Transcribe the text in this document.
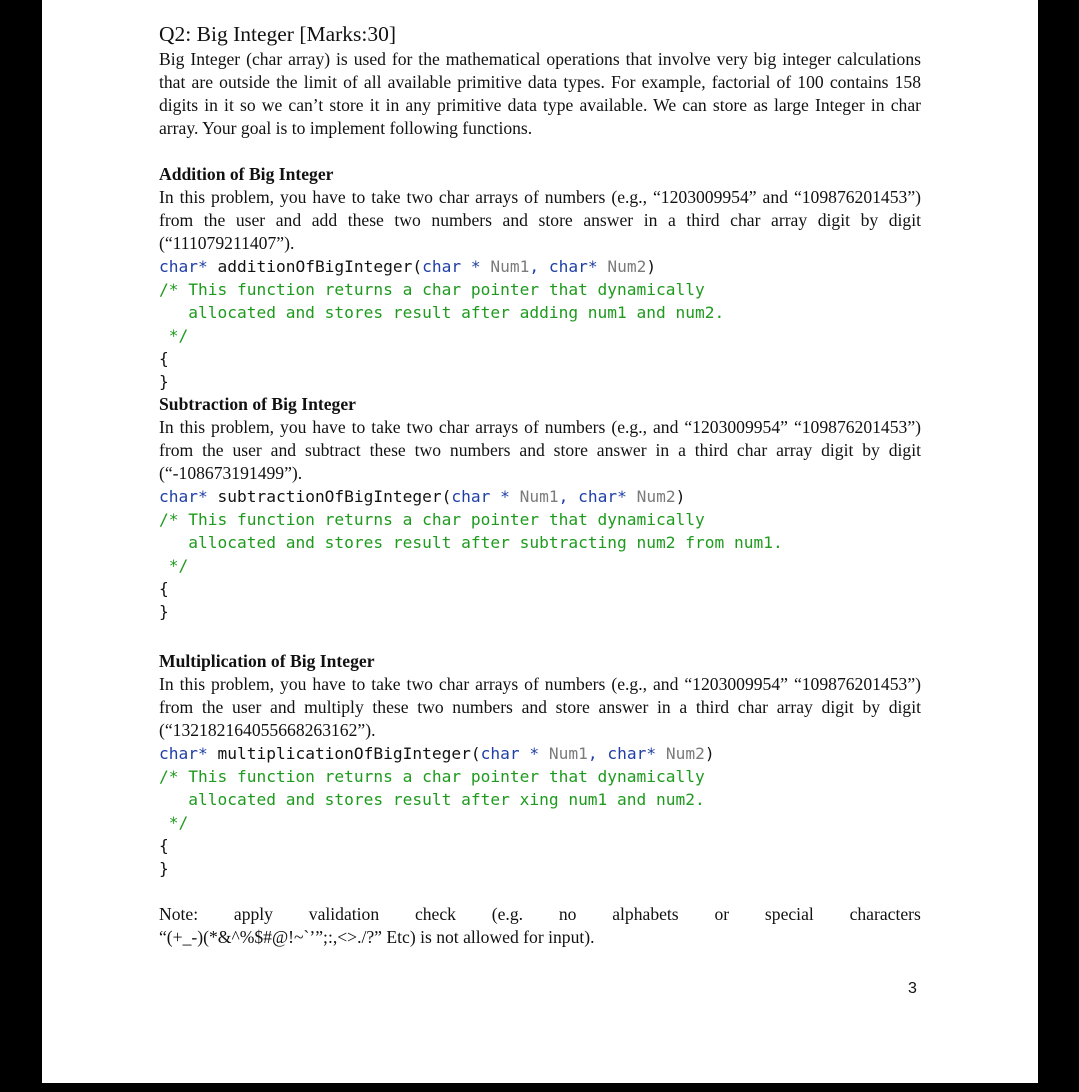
Q2: Big Integer [Marks:30]

Big Integer (char array) is used for the mathematical operations that involve very big integer calculations that are outside the limit of all available primitive data types. For example, factorial of 100 contains 158 digits in it so we can’t store it in any primitive data type available. We can store as large Integer in char array. Your goal is to implement following functions.

Addition of Big Integer

In this problem, you have to take two char arrays of numbers (e.g., “1203009954” and “109876201453”) from the user and add these two numbers and store answer in a third char array digit by digit (“111079211407”).

char* additionOfBigInteger(char * Num1, char* Num2)
/* This function returns a char pointer that dynamically
allocated and stores result after adding num1 and num2.
*/
{
}

Subtraction of Big Integer

In this problem, you have to take two char arrays of numbers (e.g., and “1203009954” “109876201453”) from the user and subtract these two numbers and store answer in a third char array digit by digit (“-108673191499”).

char* subtractionOfBigInteger(char * Num1, char* Num2)
/* This function returns a char pointer that dynamically
allocated and stores result after subtracting num2 from num1.
*/
{
}

Multiplication of Big Integer

In this problem, you have to take two char arrays of numbers (e.g., and “1203009954” “109876201453”) from the user and multiply these two numbers and store answer in a third char array digit by digit (“132182164055668263162”).

char* multiplicationOfBigInteger(char * Num1, char* Num2)
/* This function returns a char pointer that dynamically
allocated and stores result after xing num1 and num2.
*/
{
}
Note: apply validation check (e.g. no alphabets or special characters

“(+_-)(*&^%$#@!~`’”;:,<>./?” Etc) is not allowed for input).

3
